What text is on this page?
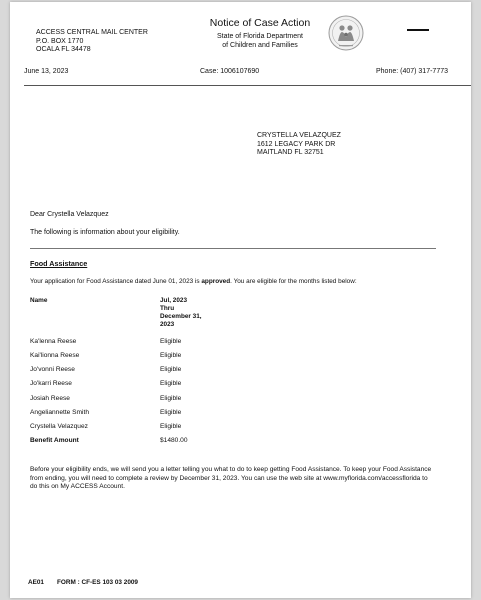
ACCESS CENTRAL MAIL CENTER
P.O. BOX 1770
OCALA FL 34478
Notice of Case Action
State of Florida Department
of Children and Families
June 13, 2023	Case: 1006107690	Phone: (407) 317-7773
CRYSTELLA VELAZQUEZ
1612 LEGACY PARK DR
MAITLAND FL 32751
Dear Crystella Velazquez
The following is information about your eligibility.
Food Assistance
Your application for Food Assistance dated June 01, 2023 is approved. You are eligible for the months listed below:
Name	Jul, 2023
Thru
December 31,
2023
Ka'lenna Reese	Eligible
Kai'lionna Reese	Eligible
Jo'vonni Reese	Eligible
Jo'karri Reese	Eligible
Josiah Reese	Eligible
Angeliannette Smith	Eligible
Crystella Velazquez	Eligible
Benefit Amount	$1480.00
Before your eligibility ends, we will send you a letter telling you what to do to keep getting Food Assistance. To keep your Food Assistance from ending, you will need to complete a review by December 31, 2023. You can use the web site at www.myflorida.com/accessflorida to do this on My ACCESS Account.
AE01 FORM : CF-ES 103 03 2009
